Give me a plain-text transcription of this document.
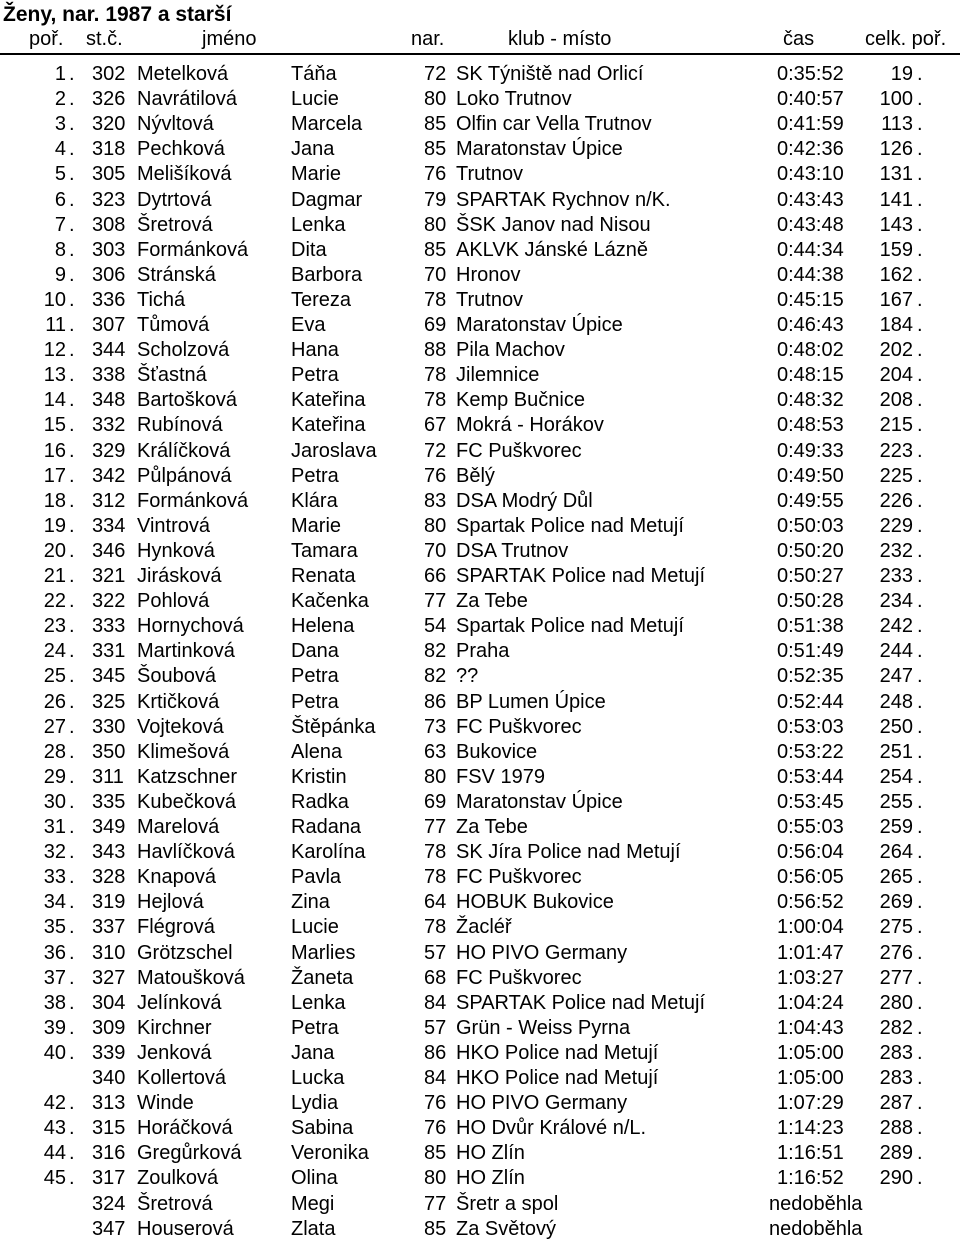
Ženy, nar. 1987 a starší
poř. st.č.	jméno	nar.	klub - místo	čas	celk. poř.
1 . 302 Metelková	Táňa	72 SK Týniště nad Orlicí	0:35:52 19 .
2 . 326 Navrátilová	Lucie	80 Loko Trutnov	0:40:57 100 .
3 . 320 Nývltová	Marcela	85 Olfin car Vella Trutnov	0:41:59 113 .
4 . 318 Pechková	Jana	85 Maratonstav Úpice	0:42:36 126 .
5 . 305 Melišíková	Marie	76 Trutnov	0:43:10 131 .
6 . 323 Dytrtová	Dagmar	79 SPARTAK Rychnov n/K.	0:43:43 141 .
7 . 308 Šretrová	Lenka	80 ŠSK Janov nad Nisou	0:43:48 143 .
8 . 303 Formánková Dita	85 AKLVK Jánské Lázně	0:44:34 159 .
9 . 306 Stránská	Barbora	70 Hronov	0:44:38 162 .
10 . 336 Tichá	Tereza	78 Trutnov	0:45:15 167 .
11 . 307 Tůmová	Eva	69 Maratonstav Úpice	0:46:43 184 .
12 . 344 Scholzová	Hana	88 Pila Machov	0:48:02 202 .
13 . 338 Šťastná	Petra	78 Jilemnice	0:48:15 204 .
14 . 348 Bartošková	Kateřina	78 Kemp Bučnice	0:48:32 208 .
15 . 332 Rubínová	Kateřina	67 Mokrá - Horákov	0:48:53 215 .
16 . 329 Králíčková	Jaroslava 72 FC Puškvorec	0:49:33 223 .
17 . 342 Půlpánová	Petra	76 Bělý	0:49:50 225 .
18 . 312 Formánková Klára	83 DSA Modrý Důl	0:49:55 226 .
19 . 334 Vintrová	Marie	80 Spartak Police nad Metují	0:50:03 229 .
20 . 346 Hynková	Tamara	70 DSA Trutnov	0:50:20 232 .
21 . 321 Jirásková	Renata	66 SPARTAK Police nad Metují	0:50:27 233 .
22 . 322 Pohlová	Kačenka	77 Za Tebe	0:50:28 234 .
23 . 333 Hornychová Helena	54 Spartak Police nad Metují	0:51:38 242 .
24 . 331 Martinková	Dana	82 Praha	0:51:49 244 .
25 . 345 Šoubová	Petra	82 ??	0:52:35 247 .
26 . 325 Krtičková	Petra	86 BP Lumen Úpice	0:52:44 248 .
27 . 330 Vojteková	Štěpánka 73 FC Puškvorec	0:53:03 250 .
28 . 350 Klimešová	Alena	63 Bukovice	0:53:22 251 .
29 . 311 Katzschner	Kristin	80 FSV 1979	0:53:44 254 .
30 . 335 Kubečková	Radka	69 Maratonstav Úpice	0:53:45 255 .
31 . 349 Marelová	Radana	77 Za Tebe	0:55:03 259 .
32 . 343 Havlíčková	Karolína	78 SK Jíra Police nad Metují	0:56:04 264 .
33 . 328 Knapová	Pavla	78 FC Puškvorec	0:56:05 265 .
34 . 319 Hejlová	Zina	64 HOBUK Bukovice	0:56:52 269 .
35 . 337 Flégrová	Lucie	78 Žacléř	1:00:04 275 .
36 . 310 Grötzschel	Marlies	57 HO PIVO Germany	1:01:47 276 .
37 . 327 Matoušková Žaneta	68 FC Puškvorec	1:03:27 277 .
38 . 304 Jelínková	Lenka	84 SPARTAK Police nad Metují	1:04:24 280 .
39 . 309 Kirchner	Petra	57 Grün - Weiss Pyrna	1:04:43 282 .
40 . 339 Jenková	Jana	86 HKO Police nad Metují	1:05:00 283 .
340 Kollertová	Lucka	84 HKO Police nad Metují	1:05:00 283 .
42 . 313 Winde	Lydia	76 HO PIVO Germany	1:07:29 287 .
43 . 315 Horáčková	Sabina	76 HO Dvůr Králové n/L.	1:14:23 288 .
44 . 316 Gregůrková Veronika	85 HO Zlín	1:16:51 289 .
45 . 317 Zoulková	Olina	80 HO Zlín	1:16:52 290 .
324 Šretrová	Megi	77 Šretr a spol	nedoběhla
347 Houserová	Zlata	85 Za Světový	nedoběhla
